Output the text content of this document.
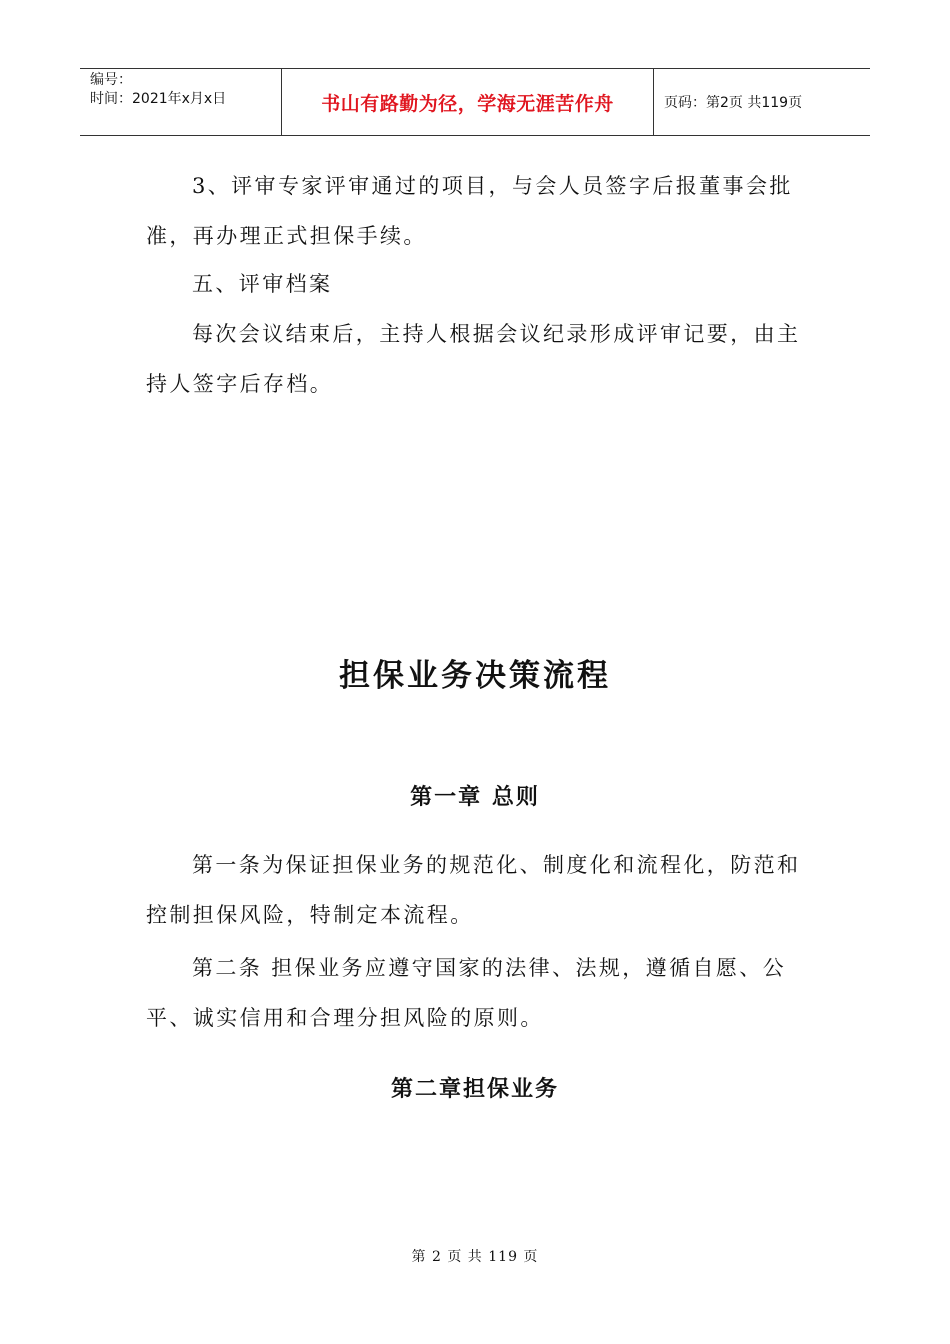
编号：
时间：2021年x月x日	书山有路勤为径，学海无涯苦作舟	页码：第2页 共119页
3、评审专家评审通过的项目，与会人员签字后报董事会批准，再办理正式担保手续。
五、评审档案
每次会议结束后，主持人根据会议纪录形成评审记要，由主持人签字后存档。
担保业务决策流程
第一章 总则
第一条为保证担保业务的规范化、制度化和流程化，防范和控制担保风险，特制定本流程。
第二条 担保业务应遵守国家的法律、法规，遵循自愿、公平、诚实信用和合理分担风险的原则。
第二章担保业务
第 2 页 共 119 页
